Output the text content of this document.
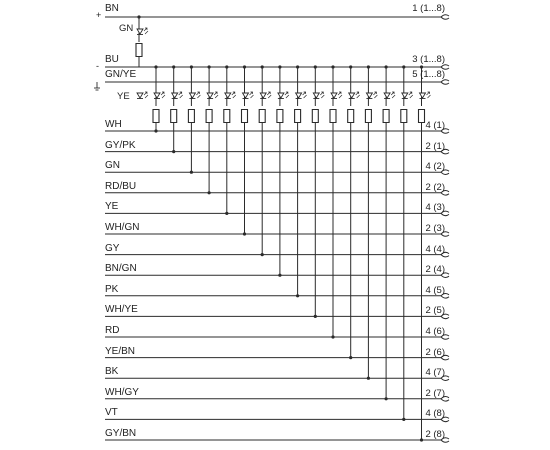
BN
+
1 (1...8)
GN
BU
-
3 (1...8)
GN/YE	5 (1...8)
YE
WH	4 (1)
GY/PK	2 (1)
GN	4 (2)
RD/BU	2 (2)
YE	4 (3)
WH/GN	2 (3)
GY	4 (4)
BN/GN	2 (4)
PK	4 (5)
WH/YE	2 (5)
RD	4 (6)
YE/BN	2 (6)
BK	4 (7)
WH/GY	2 (7)
VT	4 (8)
GY/BN	2 (8)
